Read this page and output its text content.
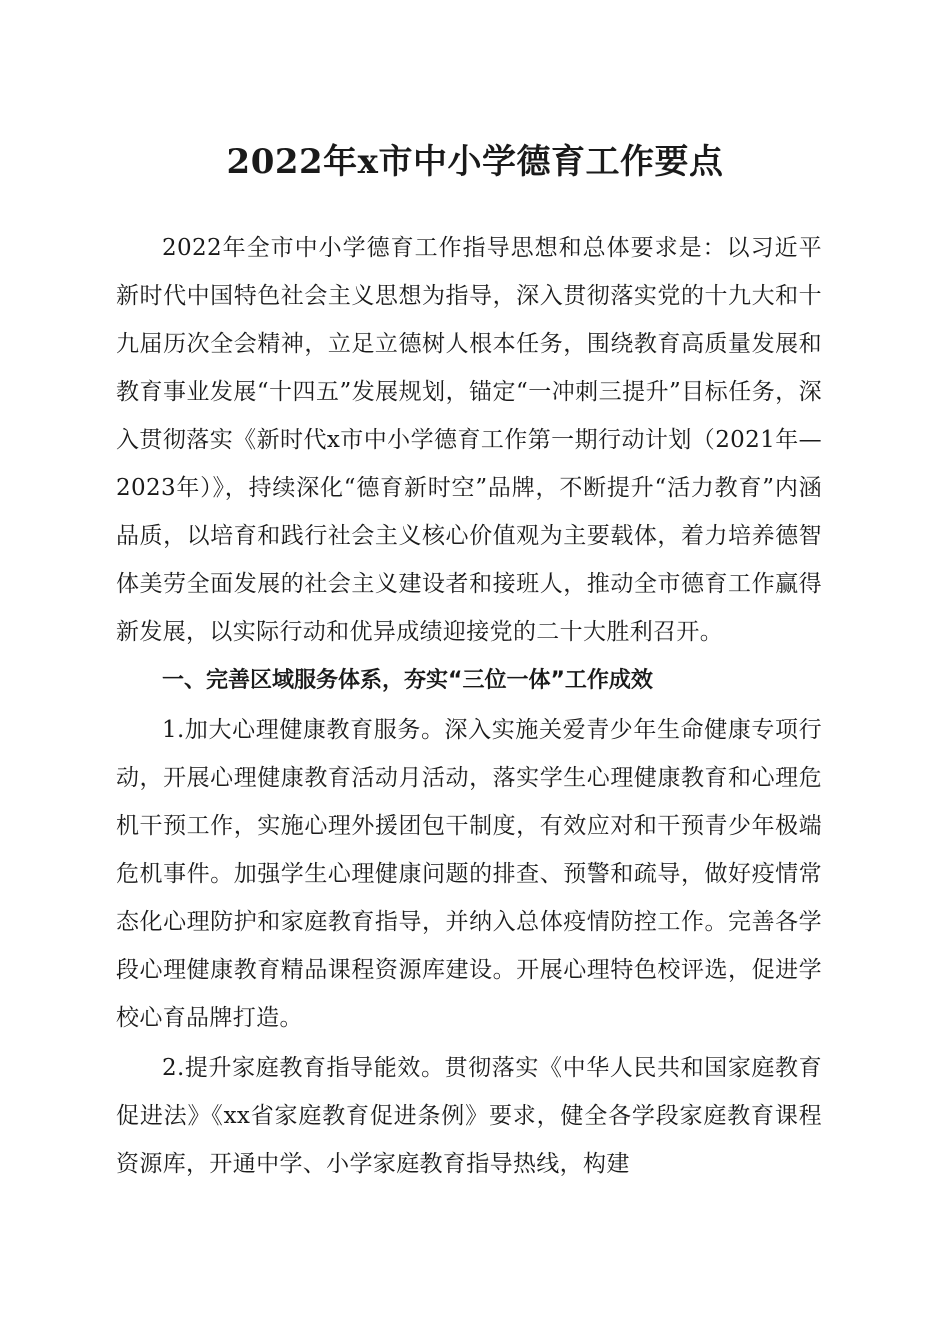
2022年x市中小学德育工作要点

2022年全市中小学德育工作指导思想和总体要求是：以习近平新时代中国特色社会主义思想为指导，深入贯彻落实党的十九大和十九届历次全会精神，立足立德树人根本任务，围绕教育高质量发展和教育事业发展“十四五”发展规划，锚定“一冲刺三提升”目标任务，深入贯彻落实《新时代x市中小学德育工作第一期行动计划（2021年—2023年）》，持续深化“德育新时空”品牌，不断提升“活力教育”内涵品质，以培育和践行社会主义核心价值观为主要载体，着力培养德智体美劳全面发展的社会主义建设者和接班人，推动全市德育工作赢得新发展，以实际行动和优异成绩迎接党的二十大胜利召开。

一、完善区域服务体系，夯实“三位一体”工作成效

1.加大心理健康教育服务。深入实施关爱青少年生命健康专项行动，开展心理健康教育活动月活动，落实学生心理健康教育和心理危机干预工作，实施心理外援团包干制度，有效应对和干预青少年极端危机事件。加强学生心理健康问题的排查、预警和疏导，做好疫情常态化心理防护和家庭教育指导，并纳入总体疫情防控工作。完善各学段心理健康教育精品课程资源库建设。开展心理特色校评选，促进学校心育品牌打造。

2.提升家庭教育指导能效。贯彻落实《中华人民共和国家庭教育促进法》《xx省家庭教育促进条例》要求，健全各学段家庭教育课程资源库，开通中学、小学家庭教育指导热线，构建
